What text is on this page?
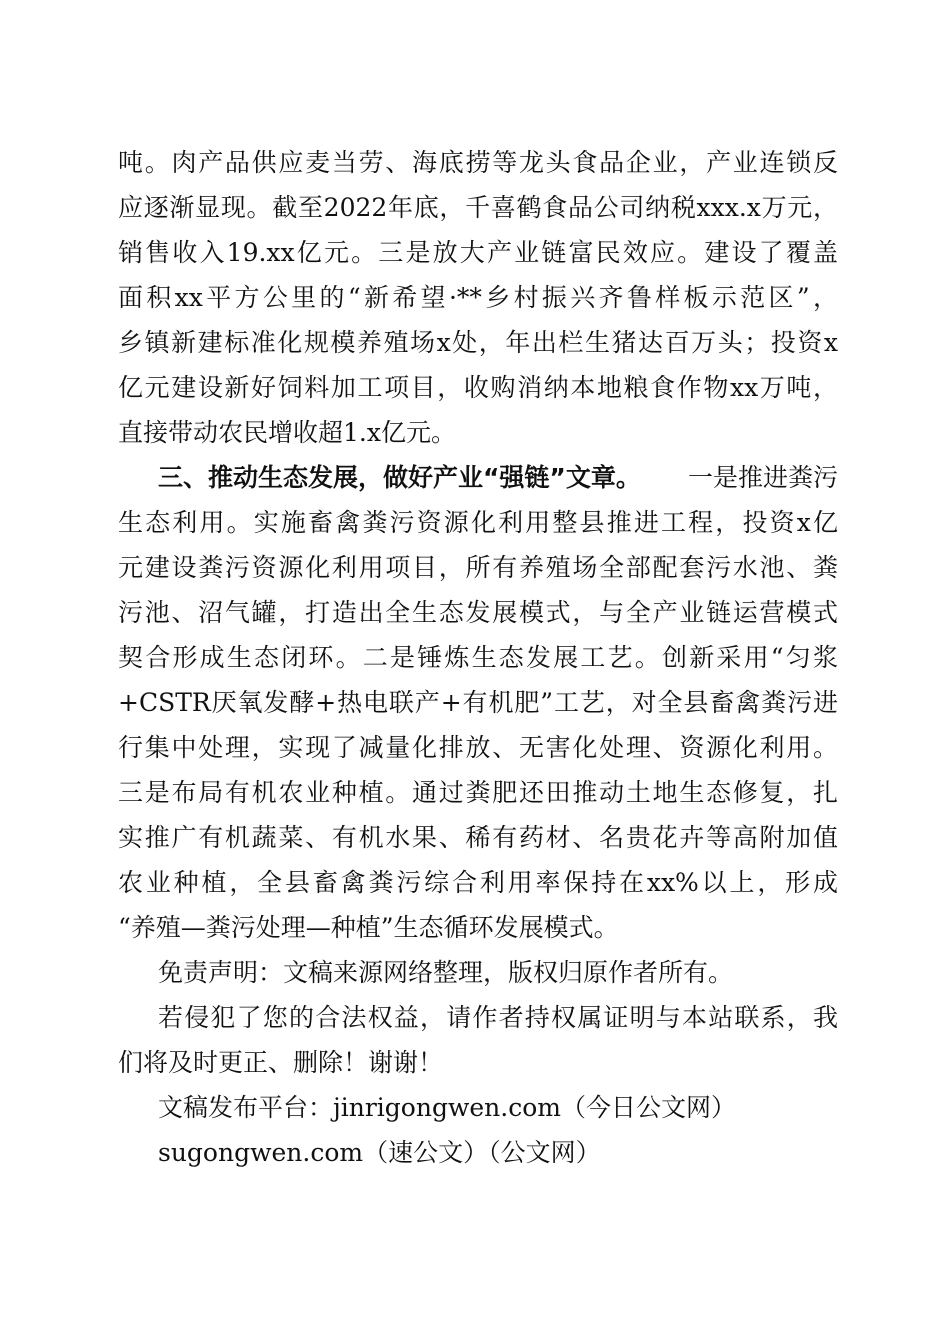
吨。肉产品供应麦当劳、海底捞等龙头食品企业，产业连锁反
应逐渐显现。截至2022年底，千喜鹤食品公司纳税xxx.x万元，
销售收入19.xx亿元。三是放大产业链富民效应。建设了覆盖
面积xx平方公里的“新希望·**乡村振兴齐鲁样板示范区”，
乡镇新建标准化规模养殖场x处，年出栏生猪达百万头；投资x
亿元建设新好饲料加工项目，收购消纳本地粮食作物xx万吨，
直接带动农民增收超1.x亿元。
三、推动生态发展，做好产业“强链”文章。 一是推进粪污
生态利用。实施畜禽粪污资源化利用整县推进工程，投资x亿
元建设粪污资源化利用项目，所有养殖场全部配套污水池、粪
污池、沼气罐，打造出全生态发展模式，与全产业链运营模式
契合形成生态闭环。二是锤炼生态发展工艺。创新采用“匀浆
+CSTR厌氧发酵+热电联产+有机肥”工艺，对全县畜禽粪污进
行集中处理，实现了减量化排放、无害化处理、资源化利用。
三是布局有机农业种植。通过粪肥还田推动土地生态修复，扎
实推广有机蔬菜、有机水果、稀有药材、名贵花卉等高附加值
农业种植，全县畜禽粪污综合利用率保持在xx%以上，形成
“养殖—粪污处理—种植”生态循环发展模式。
免责声明：文稿来源网络整理，版权归原作者所有。
若侵犯了您的合法权益，请作者持权属证明与本站联系，我
们将及时更正、删除！谢谢！
文稿发布平台：jinrigongwen.com（今日公文网）
sugongwen.com（速公文）（公文网）
